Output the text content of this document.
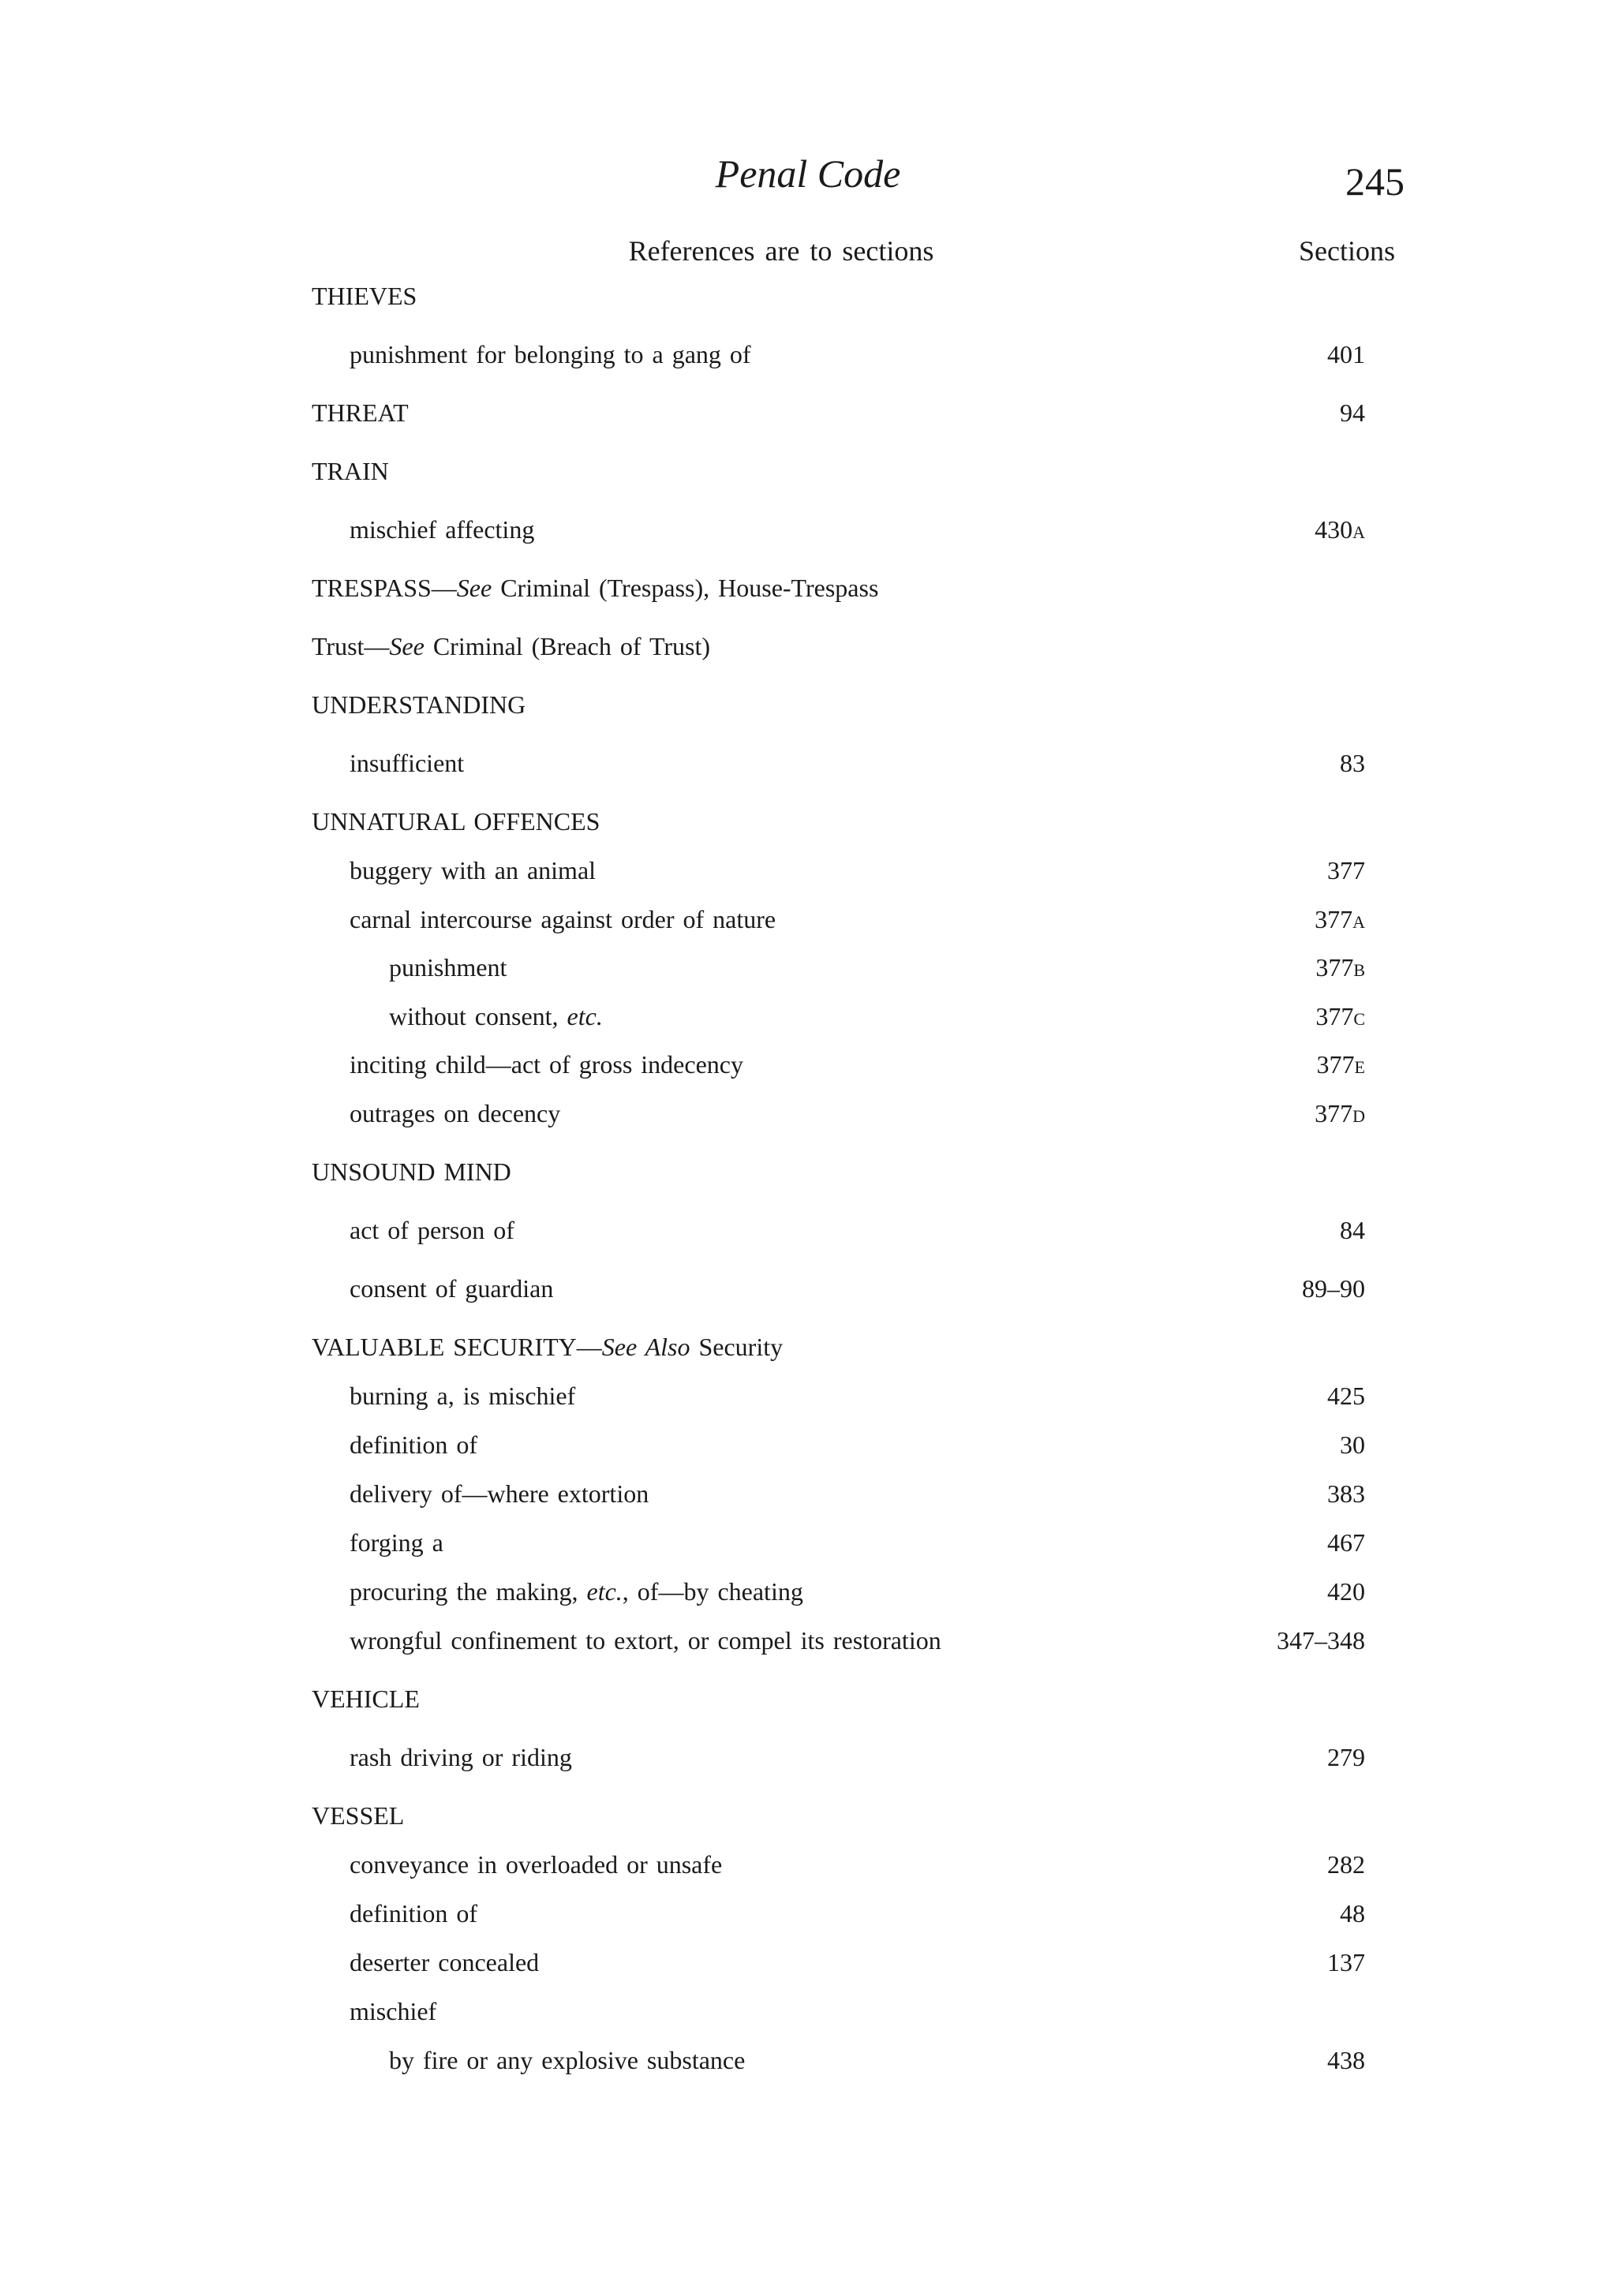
Penal Code	245
References are to sections	Sections
THIEVES
punishment for belonging to a gang of	401
THREAT	94
TRAIN
mischief affecting	430A
TRESPASS—See Criminal (Trespass), House-Trespass
Trust—See Criminal (Breach of Trust)
UNDERSTANDING
insufficient	83
UNNATURAL OFFENCES
buggery with an animal	377
carnal intercourse against order of nature	377A
punishment	377B
without consent, etc.	377C
inciting child—act of gross indecency	377E
outrages on decency	377D
UNSOUND MIND
act of person of	84
consent of guardian	89–90
VALUABLE SECURITY—See Also Security
burning a, is mischief	425
definition of	30
delivery of—where extortion	383
forging a	467
procuring the making, etc., of—by cheating	420
wrongful confinement to extort, or compel its restoration	347–348
VEHICLE
rash driving or riding	279
VESSEL
conveyance in overloaded or unsafe	282
definition of	48
deserter concealed	137
mischief
by fire or any explosive substance	438
